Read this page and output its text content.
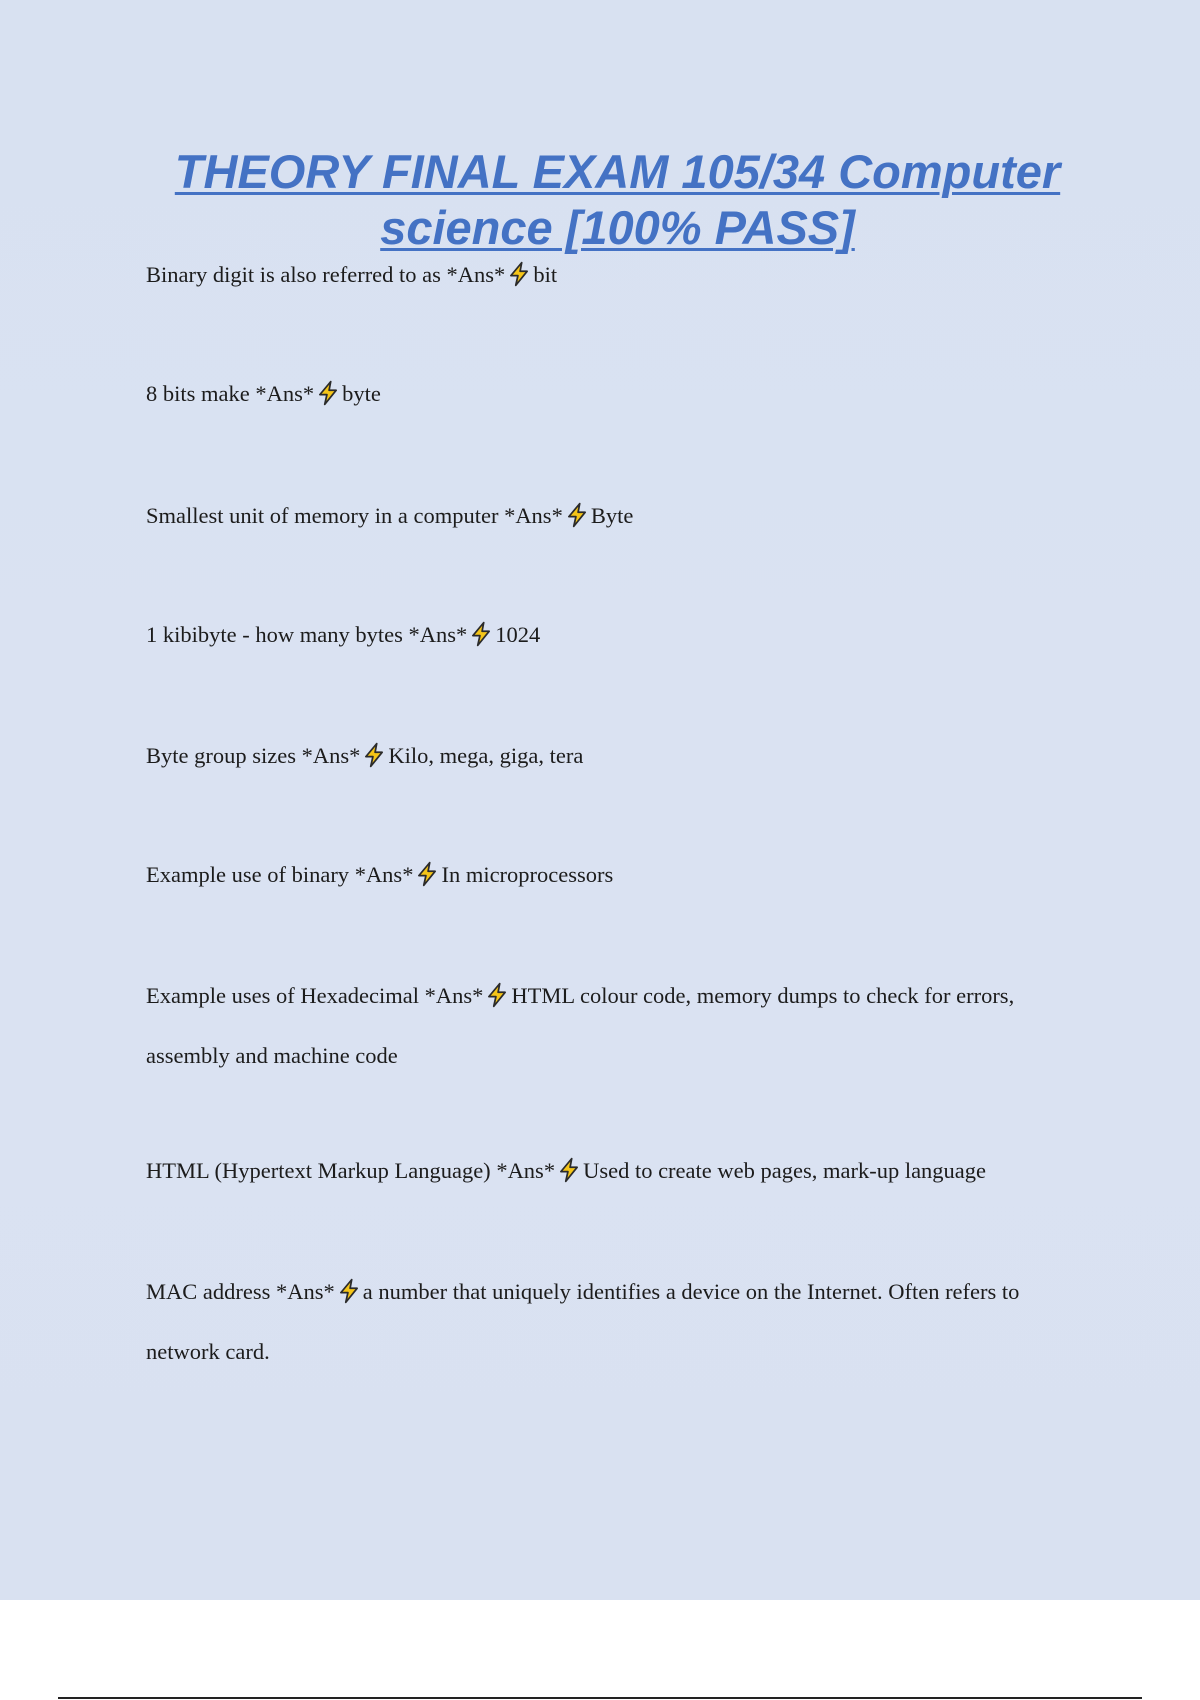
THEORY FINAL EXAM 105/34 Computer science [100% PASS]

Binary digit is also referred to as *Ans* bit

8 bits make *Ans* byte

Smallest unit of memory in a computer *Ans* Byte

1 kibibyte - how many bytes *Ans* 1024

Byte group sizes *Ans* Kilo, mega, giga, tera

Example use of binary *Ans* In microprocessors

Example uses of Hexadecimal *Ans* HTML colour code, memory dumps to check for errors, assembly and machine code

HTML (Hypertext Markup Language) *Ans* Used to create web pages, mark-up language

MAC address *Ans* a number that uniquely identifies a device on the Internet. Often refers to network card.
